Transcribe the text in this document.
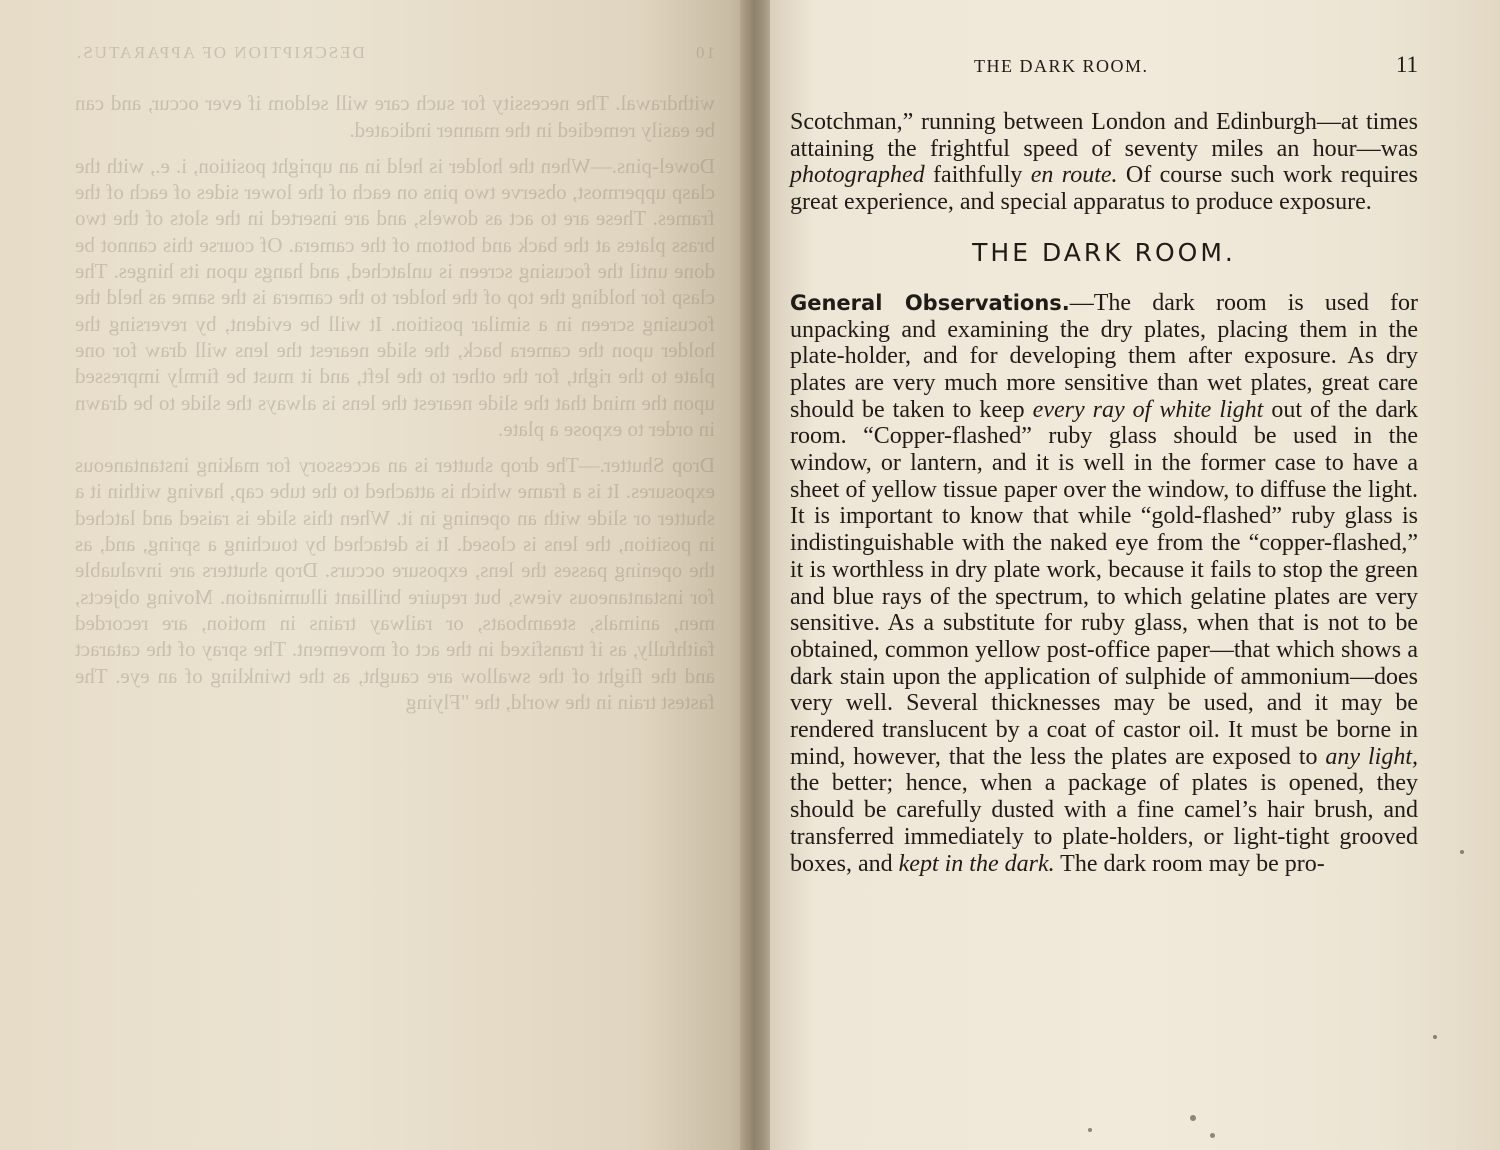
10
DESCRIPTION OF APPARATUS.

withdrawal. The necessity for such care will seldom if ever occur, and can be easily remedied in the manner indicated.

Dowel-pins.—When the holder is held in an upright position, i. e., with the clasp uppermost, observe two pins on each of the lower sides of each of the frames. These are to act as dowels, and are inserted in the slots of the two brass plates at the back and bottom of the camera. Of course this cannot be done until the focusing screen is unlatched, and hangs upon its hinges. The clasp for holding the top of the holder to the camera is the same as held the focusing screen in a similar position. It will be evident, by reversing the holder upon the camera back, the slide nearest the lens will draw for one plate to the right, for the other to the left, and it must be firmly impressed upon the mind that the slide nearest the lens is always the slide to be drawn in order to expose a plate.

Drop Shutter.—The drop shutter is an accessory for making instantaneous exposures. It is a frame which is attached to the tube cap, having within it a shutter or slide with an opening in it. When this slide is raised and latched in position, the lens is closed. It is detached by touching a spring, and, as the opening passes the lens, exposure occurs. Drop shutters are invaluable for instantaneous views, but require brilliant illumination. Moving objects, men, animals, steamboats, or railway trains in motion, are recorded faithfully, as if transfixed in the act of movement. The spray of the cataract and the flight of the swallow are caught, as the twinkling of an eye. The fastest train in the world, the "Flying

THE DARK ROOM.	11

Scotchman,” running between London and Edinburgh—at times attaining the frightful speed of seventy miles an hour—was photographed faithfully en route. Of course such work requires great experience, and special apparatus to produce exposure.

THE DARK ROOM.

General Observations.—The dark room is used for unpacking and examining the dry plates, placing them in the plate-holder, and for developing them after exposure. As dry plates are very much more sensitive than wet plates, great care should be taken to keep every ray of white light out of the dark room. “Copper-flashed” ruby glass should be used in the window, or lantern, and it is well in the former case to have a sheet of yellow tissue paper over the window, to diffuse the light. It is important to know that while “gold-flashed” ruby glass is indistinguishable with the naked eye from the “copper-flashed,” it is worthless in dry plate work, because it fails to stop the green and blue rays of the spectrum, to which gelatine plates are very sensitive. As a substitute for ruby glass, when that is not to be obtained, common yellow post-office paper—that which shows a dark stain upon the application of sulphide of ammonium—does very well. Several thicknesses may be used, and it may be rendered translucent by a coat of castor oil. It must be borne in mind, however, that the less the plates are exposed to any light, the better; hence, when a package of plates is opened, they should be carefully dusted with a fine camel’s hair brush, and transferred immediately to plate-holders, or light-tight grooved boxes, and kept in the dark. The dark room may be pro-
